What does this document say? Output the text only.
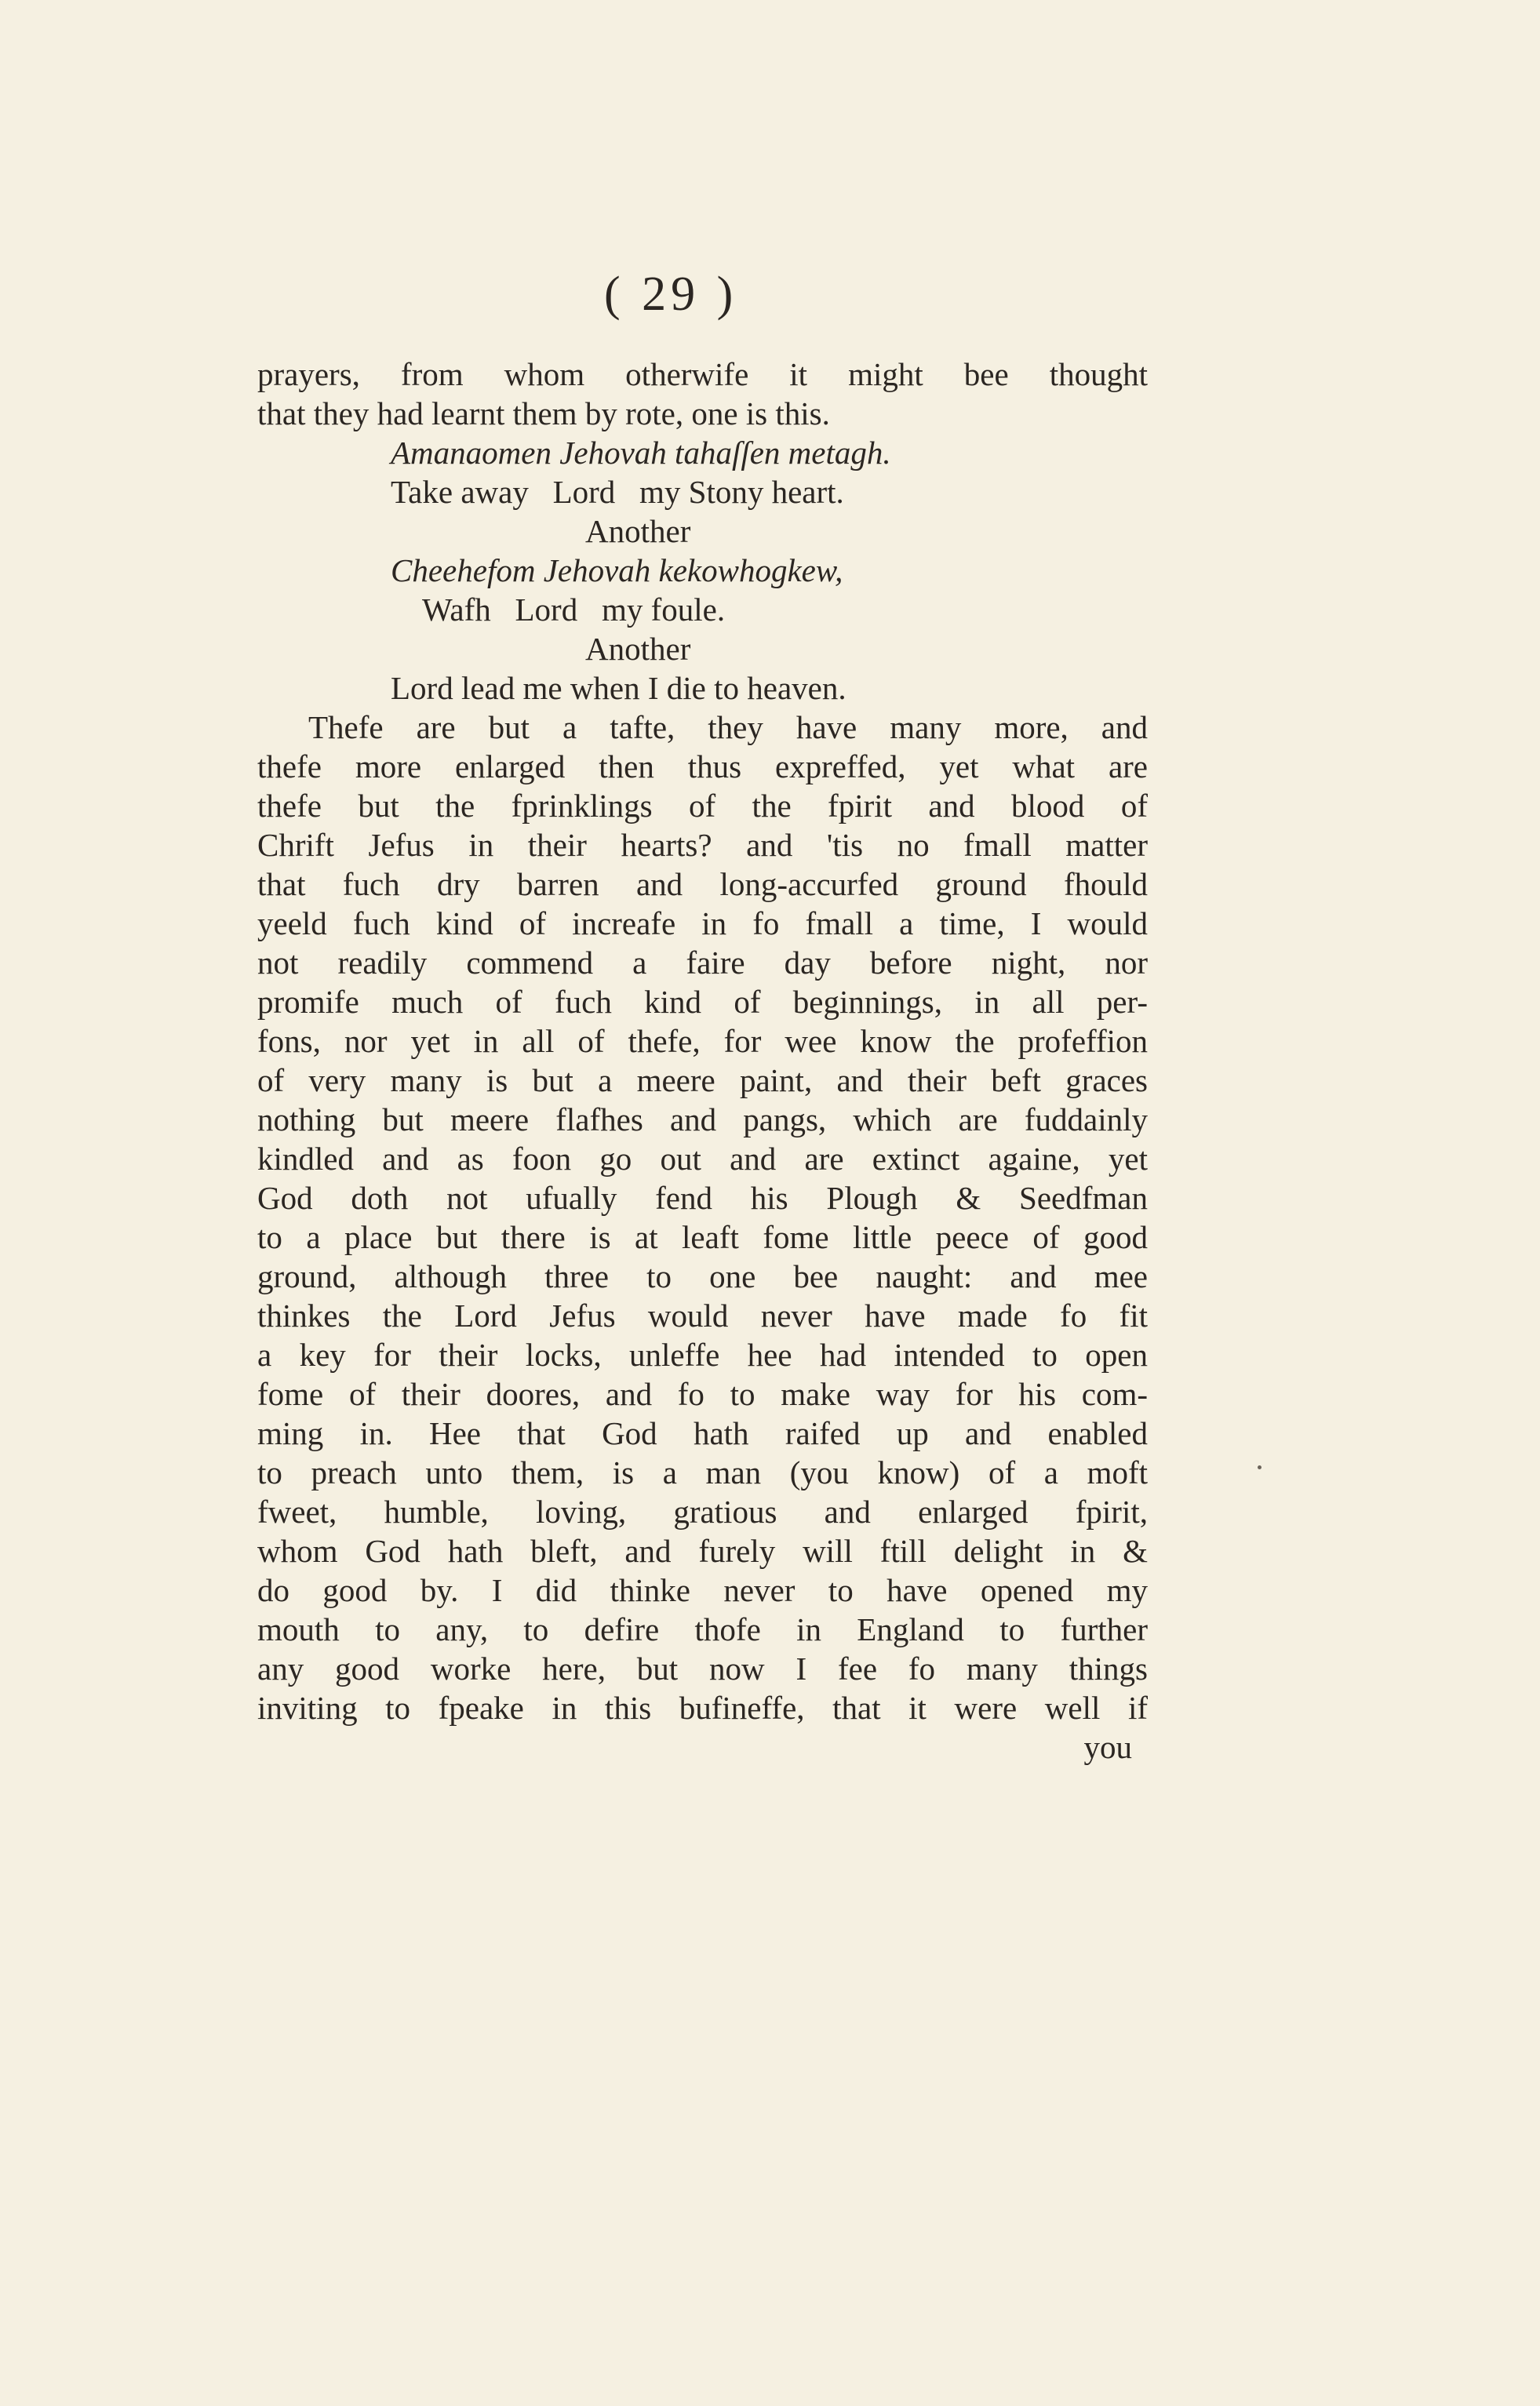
( 29 )
prayers, from whom otherwife it might bee thought
that they had learnt them by rote, one is this.
Amanaomen Jehovah tahaſſen metagh.
Take away   Lord   my Stony heart.
Another
Cheehefom Jehovah kekowhogkew,
Wafh   Lord   my foule.
Another
Lord lead me when I die to heaven.
Thefe are but a tafte, they have many more, and
thefe more enlarged then thus expreffed, yet what are
thefe but the fprinklings of the fpirit and blood of
Chrift Jefus in their hearts? and 'tis no fmall matter
that fuch dry barren and long-accurfed ground fhould
yeeld fuch kind of increafe in fo fmall a time, I would
not readily commend a faire day before night, nor
promife much of fuch kind of beginnings, in all per-
fons, nor yet in all of thefe, for wee know the profeffion
of very many is but a meere paint, and their beft graces
nothing but meere flafhes and pangs, which are fuddainly
kindled and as foon go out and are extinct againe, yet
God doth not ufually fend his Plough & Seedfman
to a place but there is at leaft fome little peece of good
ground, although three to one bee naught: and mee
thinkes the Lord Jefus would never have made fo fit
a key for their locks, unleffe hee had intended to open
fome of their doores, and fo to make way for his com-
ming in. Hee that God hath raifed up and enabled
to preach unto them, is a man (you know) of a moft
fweet, humble, loving, gratious and enlarged fpirit,
whom God hath bleft, and furely will ftill delight in &
do good by. I did thinke never to have opened my
mouth to any, to defire thofe in England to further
any good worke here, but now I fee fo many things
inviting to fpeake in this bufineffe, that it were well if
you
